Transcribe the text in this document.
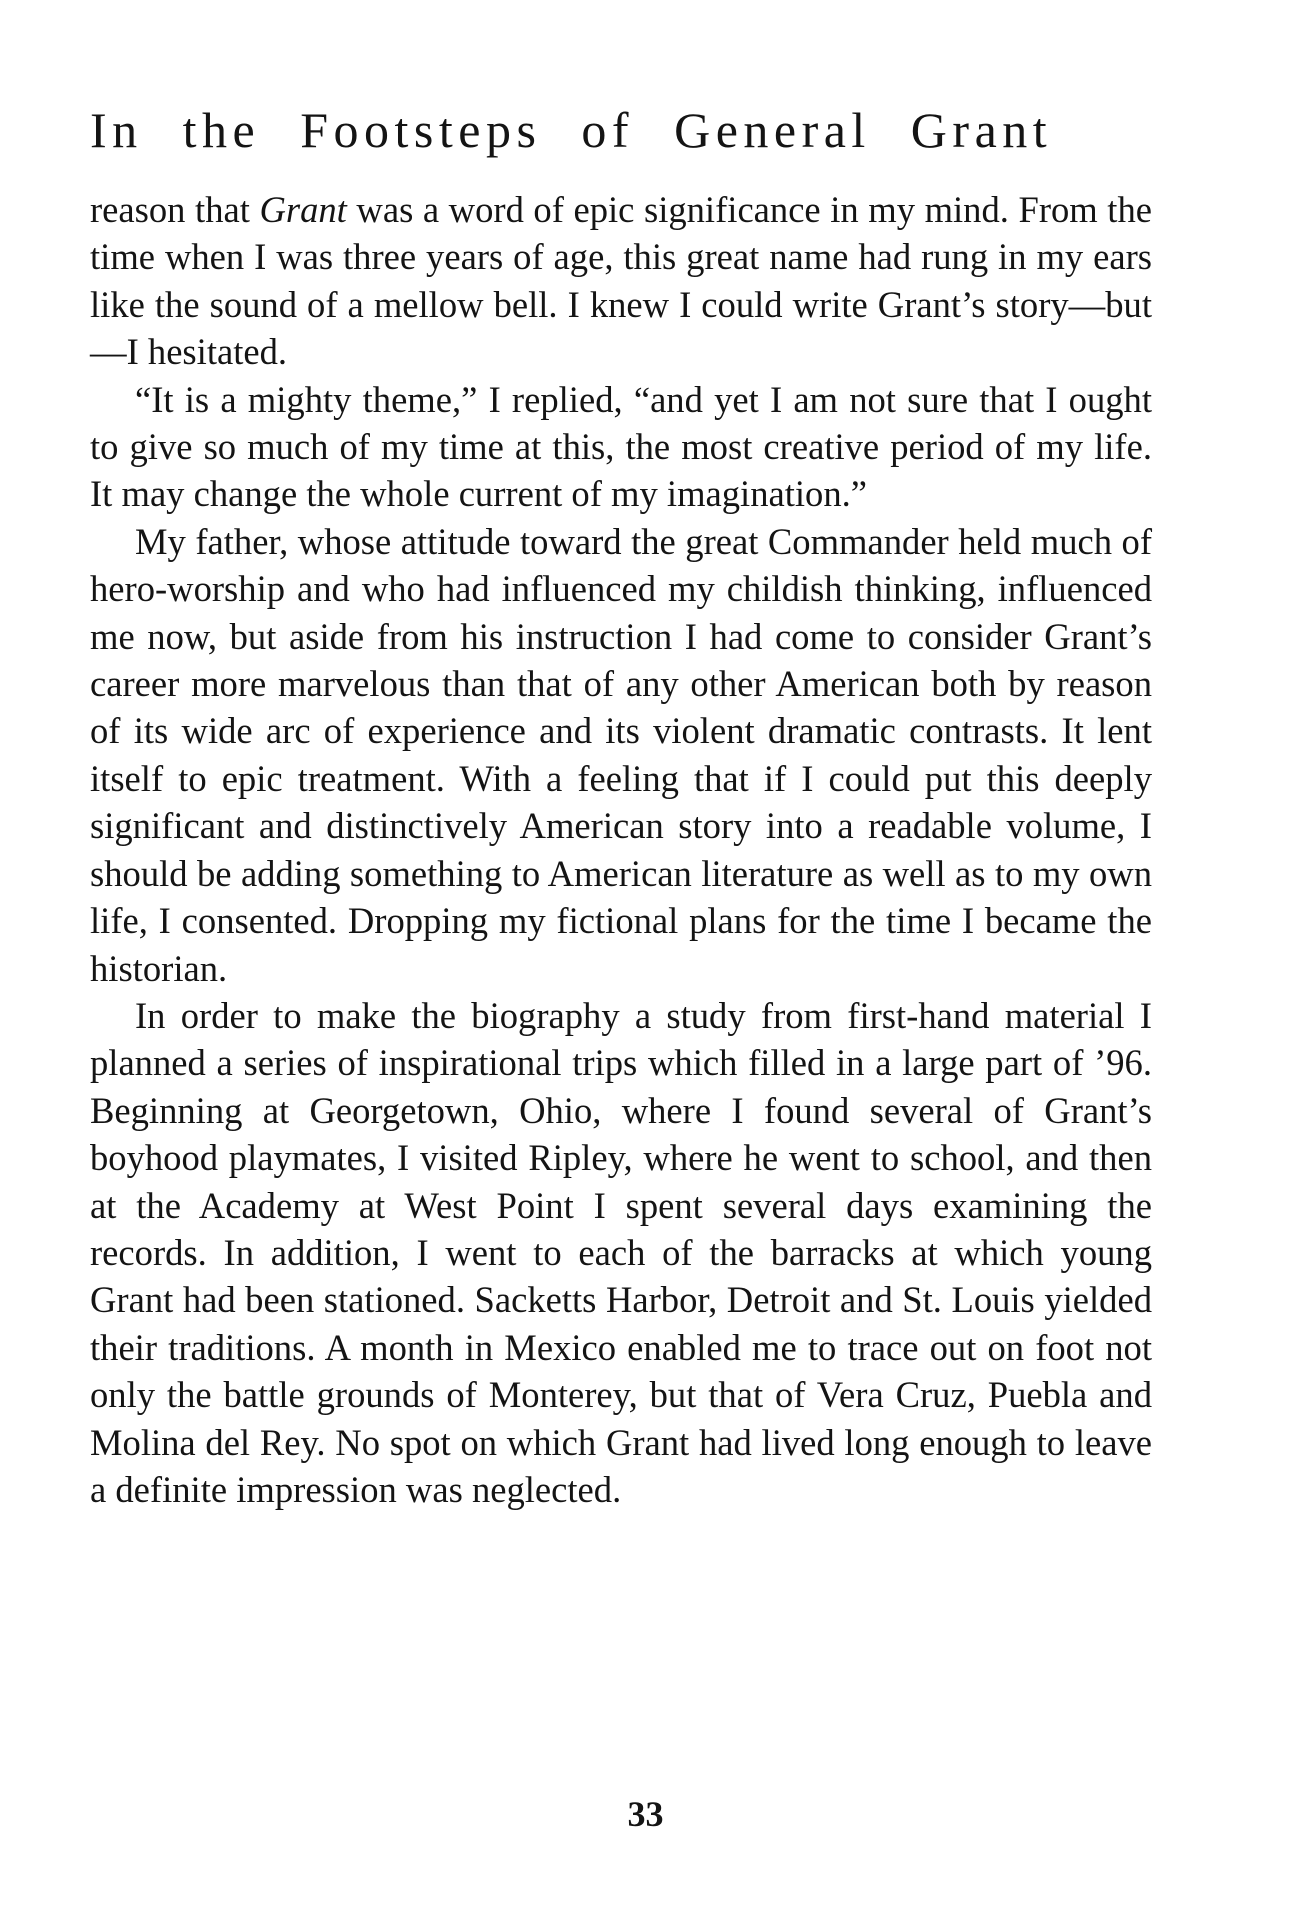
In the Footsteps of General Grant

reason that Grant was a word of epic significance in my mind. From the time when I was three years of age, this great name had rung in my ears like the sound of a mellow bell. I knew I could write Grant’s story—but—I hesitated.

“It is a mighty theme,” I replied, “and yet I am not sure that I ought to give so much of my time at this, the most creative period of my life. It may change the whole current of my imagination.”

My father, whose attitude toward the great Commander held much of hero-worship and who had influenced my childish thinking, influenced me now, but aside from his instruction I had come to consider Grant’s career more marvelous than that of any other American both by reason of its wide arc of experience and its violent dramatic contrasts. It lent itself to epic treatment. With a feeling that if I could put this deeply significant and distinctively American story into a readable volume, I should be adding something to American literature as well as to my own life, I consented. Dropping my fictional plans for the time I became the historian.

In order to make the biography a study from first-hand material I planned a series of inspirational trips which filled in a large part of ’96. Beginning at Georgetown, Ohio, where I found several of Grant’s boyhood playmates, I visited Ripley, where he went to school, and then at the Academy at West Point I spent several days examining the records. In addition, I went to each of the barracks at which young Grant had been stationed. Sacketts Harbor, Detroit and St. Louis yielded their traditions. A month in Mexico enabled me to trace out on foot not only the battle grounds of Monterey, but that of Vera Cruz, Puebla and Molina del Rey. No spot on which Grant had lived long enough to leave a definite impression was neglected.

33
